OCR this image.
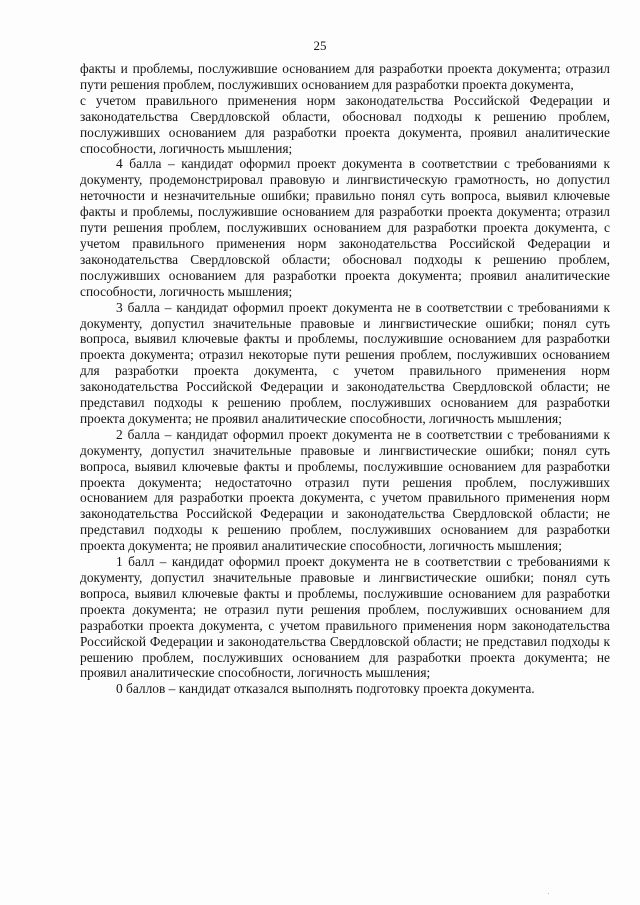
25

факты и проблемы, послужившие основанием для разработки проекта документа; отразил пути решения проблем, послуживших основанием для разработки проекта документа,

с учетом правильного применения норм законодательства Российской Федерации и законодательства Свердловской области, обосновал подходы к решению проблем, послуживших основанием для разработки проекта документа, проявил аналитические способности, логичность мышления;

4 балла – кандидат оформил проект документа в соответствии с требованиями к документу, продемонстрировал правовую и лингвистическую грамотность, но допустил неточности и незначительные ошибки; правильно понял суть вопроса, выявил ключевые факты и проблемы, послужившие основанием для разработки проекта документа; отразил пути решения проблем, послуживших основанием для разработки проекта документа, с учетом правильного применения норм законодательства Российской Федерации и законодательства Свердловской области; обосновал подходы к решению проблем, послуживших основанием для разработки проекта документа; проявил аналитические способности, логичность мышления;

3 балла – кандидат оформил проект документа не в соответствии с требованиями к документу, допустил значительные правовые и лингвистические ошибки; понял суть вопроса, выявил ключевые факты и проблемы, послужившие основанием для разработки проекта документа; отразил некоторые пути решения проблем, послуживших основанием для разработки проекта документа, с учетом правильного применения норм законодательства Российской Федерации и законодательства Свердловской области; не представил подходы к решению проблем, послуживших основанием для разработки проекта документа; не проявил аналитические способности, логичность мышления;

2 балла – кандидат оформил проект документа не в соответствии с требованиями к документу, допустил значительные правовые и лингвистические ошибки; понял суть вопроса, выявил ключевые факты и проблемы, послужившие основанием для разработки проекта документа; недостаточно отразил пути решения проблем, послуживших основанием для разработки проекта документа, с учетом правильного применения норм законодательства Российской Федерации и законодательства Свердловской области; не представил подходы к решению проблем, послуживших основанием для разработки проекта документа; не проявил аналитические способности, логичность мышления;

1 балл – кандидат оформил проект документа не в соответствии с требованиями к документу, допустил значительные правовые и лингвистические ошибки; понял суть вопроса, выявил ключевые факты и проблемы, послужившие основанием для разработки проекта документа; не отразил пути решения проблем, послуживших основанием для разработки проекта документа, с учетом правильного применения норм законодательства Российской Федерации и законодательства Свердловской области; не представил подходы к решению проблем, послуживших основанием для разработки проекта документа; не проявил аналитические способности, логичность мышления;

0 баллов – кандидат отказался выполнять подготовку проекта документа.
